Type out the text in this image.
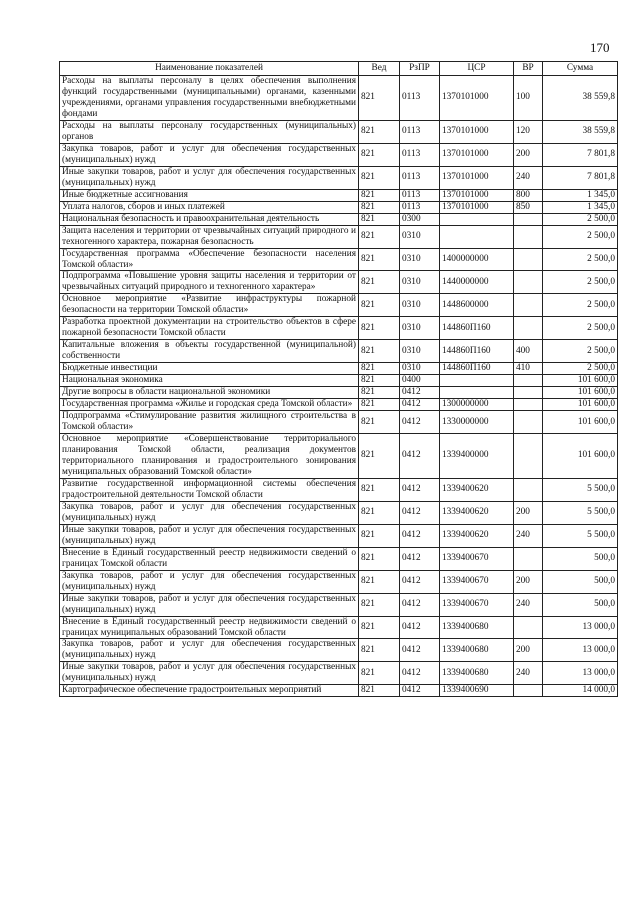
170
Наименование показателей	Вед	РзПР	ЦСР	ВР	Сумма
Расходы на выплаты персоналу в целях обеспечения выполнения функций государственными (муниципальными) органами, казенными учреждениями, органами управления государственными внебюджетными фондами	821	0113	1370101000	100	38 559,8
Расходы на выплаты персоналу государственных (муниципальных) органов	821	0113	1370101000	120	38 559,8
Закупка товаров, работ и услуг для обеспечения государственных (муниципальных) нужд	821	0113	1370101000	200	7 801,8
Иные закупки товаров, работ и услуг для обеспечения государственных (муниципальных) нужд	821	0113	1370101000	240	7 801,8
Иные бюджетные ассигнования	821	0113	1370101000	800	1 345,0
Уплата налогов, сборов и иных платежей	821	0113	1370101000	850	1 345,0
Национальная безопасность и правоохранительная деятельность	821	0300			2 500,0
Защита населения и территории от чрезвычайных ситуаций природного и техногенного характера, пожарная безопасность	821	0310			2 500,0
Государственная программа «Обеспечение безопасности населения Томской области»	821	0310	1400000000		2 500,0
Подпрограмма «Повышение уровня защиты населения и территории от чрезвычайных ситуаций природного и техногенного характера»	821	0310	1440000000		2 500,0
Основное мероприятие «Развитие инфраструктуры пожарной безопасности на территории Томской области»	821	0310	1448600000		2 500,0
Разработка проектной документации на строительство объектов в сфере пожарной безопасности Томской области	821	0310	144860П160		2 500,0
Капитальные вложения в объекты государственной (муниципальной) собственности	821	0310	144860П160	400	2 500,0
Бюджетные инвестиции	821	0310	144860П160	410	2 500,0
Национальная экономика	821	0400			101 600,0
Другие вопросы в области национальной экономики	821	0412			101 600,0
Государственная программа «Жилье и городская среда Томской области»	821	0412	1300000000		101 600,0
Подпрограмма «Стимулирование развития жилищного строительства в Томской области»	821	0412	1330000000		101 600,0
Основное мероприятие «Совершенствование территориального планирования Томской области, реализация документов территориального планирования и градостроительного зонирования муниципальных образований Томской области»	821	0412	1339400000		101 600,0
Развитие государственной информационной системы обеспечения градостроительной деятельности Томской области	821	0412	1339400620		5 500,0
Закупка товаров, работ и услуг для обеспечения государственных (муниципальных) нужд	821	0412	1339400620	200	5 500,0
Иные закупки товаров, работ и услуг для обеспечения государственных (муниципальных) нужд	821	0412	1339400620	240	5 500,0
Внесение в Единый государственный реестр недвижимости сведений о границах Томской области	821	0412	1339400670		500,0
Закупка товаров, работ и услуг для обеспечения государственных (муниципальных) нужд	821	0412	1339400670	200	500,0
Иные закупки товаров, работ и услуг для обеспечения государственных (муниципальных) нужд	821	0412	1339400670	240	500,0
Внесение в Единый государственный реестр недвижимости сведений о границах муниципальных образований Томской области	821	0412	1339400680		13 000,0
Закупка товаров, работ и услуг для обеспечения государственных (муниципальных) нужд	821	0412	1339400680	200	13 000,0
Иные закупки товаров, работ и услуг для обеспечения государственных (муниципальных) нужд	821	0412	1339400680	240	13 000,0
Картографическое обеспечение градостроительных мероприятий	821	0412	1339400690		14 000,0
